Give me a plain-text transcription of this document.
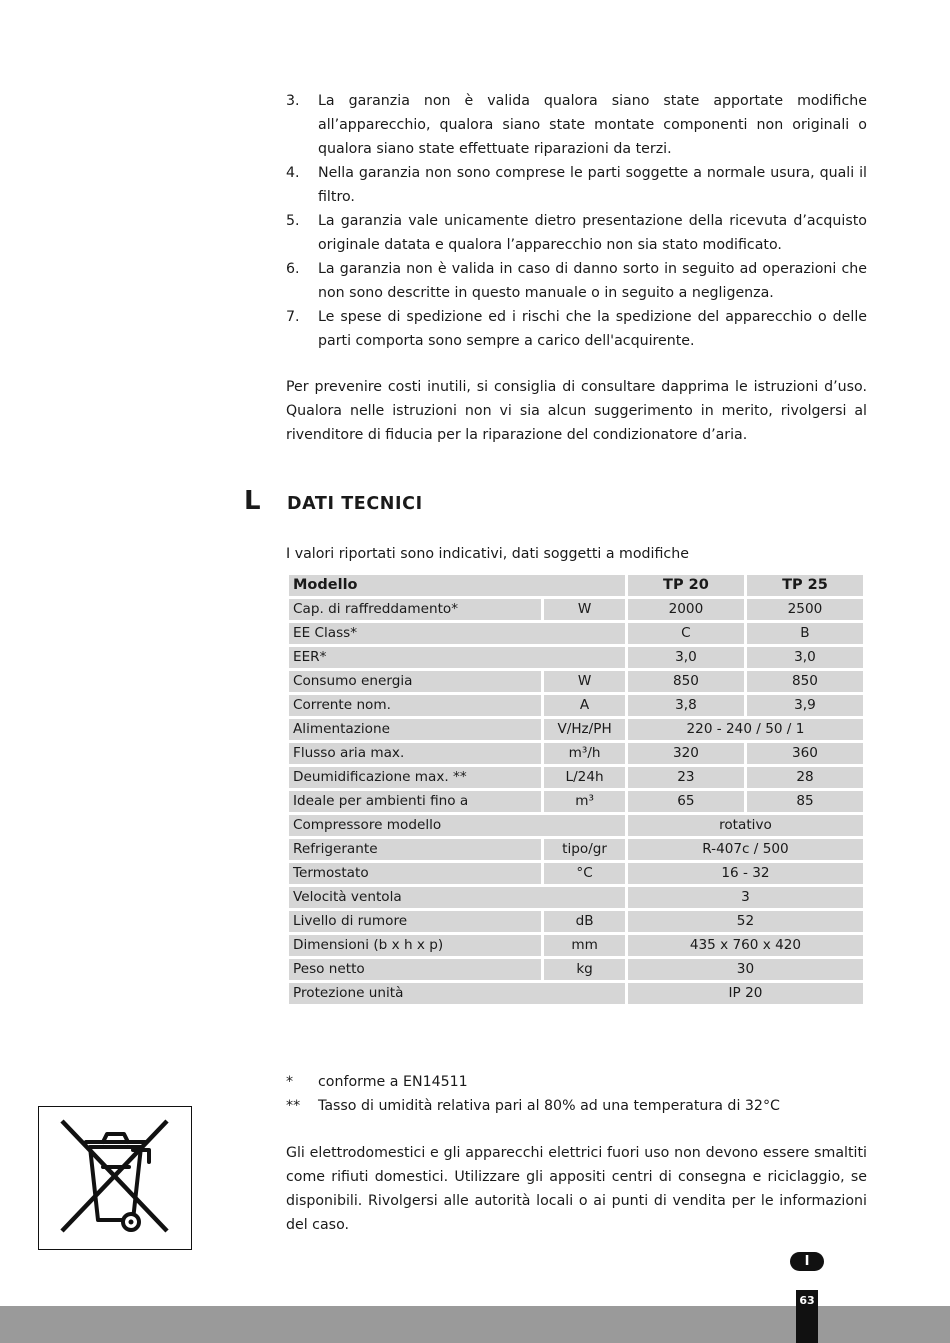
3. La garanzia non è valida qualora siano state apportate modifiche all’apparecchio, qualora siano state montate componenti non originali o qualora siano state effettuate riparazioni da terzi.
4. Nella garanzia non sono comprese le parti soggette a normale usura, quali il filtro.
5. La garanzia vale unicamente dietro presentazione della ricevuta d’acquisto originale datata e qualora l’apparecchio non sia stato modificato.
6. La garanzia non è valida in caso di danno sorto in seguito ad operazioni che non sono descritte in questo manuale o in seguito a negligenza.
7. Le spese di spedizione ed i rischi che la spedizione del apparecchio o delle parti comporta sono sempre a carico dell'acquirente.

Per prevenire costi inutili, si consiglia di consultare dapprima le istruzioni d’uso. Qualora nelle istruzioni non vi sia alcun suggerimento in merito, rivolgersi al rivenditore di fiducia per la riparazione del condizionatore d’aria.

L DATI TECNICI
I valori riportati sono indicativi, dati soggetti a modifiche
Modello		TP 20	TP 25
Cap. di raffreddamento*	W	2000	2500
EE Class*		C	B
EER*		3,0	3,0
Consumo energia	W	850	850
Corrente nom.	A	3,8	3,9
Alimentazione	V/Hz/PH	220 - 240 / 50 / 1	
Flusso aria max.	m³/h	320	360
Deumidificazione max. **	L/24h	23	28
Ideale per ambienti fino a	m³	65	85
Compressore modello		rotativo	
Refrigerante	tipo/gr	R-407c / 500	
Termostato	°C	16 - 32	
Velocità ventola		3	
Livello di rumore	dB	52	
Dimensioni (b x h x p)	mm	435 x 760 x 420	
Peso netto	kg	30	
Protezione unità		IP 20	
* conforme a EN14511
** Tasso di umidità relativa pari al 80% ad una temperatura di 32°C

Gli elettrodomestici e gli apparecchi elettrici fuori uso non devono essere smaltiti come rifiuti domestici. Utilizzare gli appositi centri di consegna e riciclaggio, se disponibili. Rivolgersi alle autorità locali o ai punti di vendita per le informazioni del caso.

I
63
